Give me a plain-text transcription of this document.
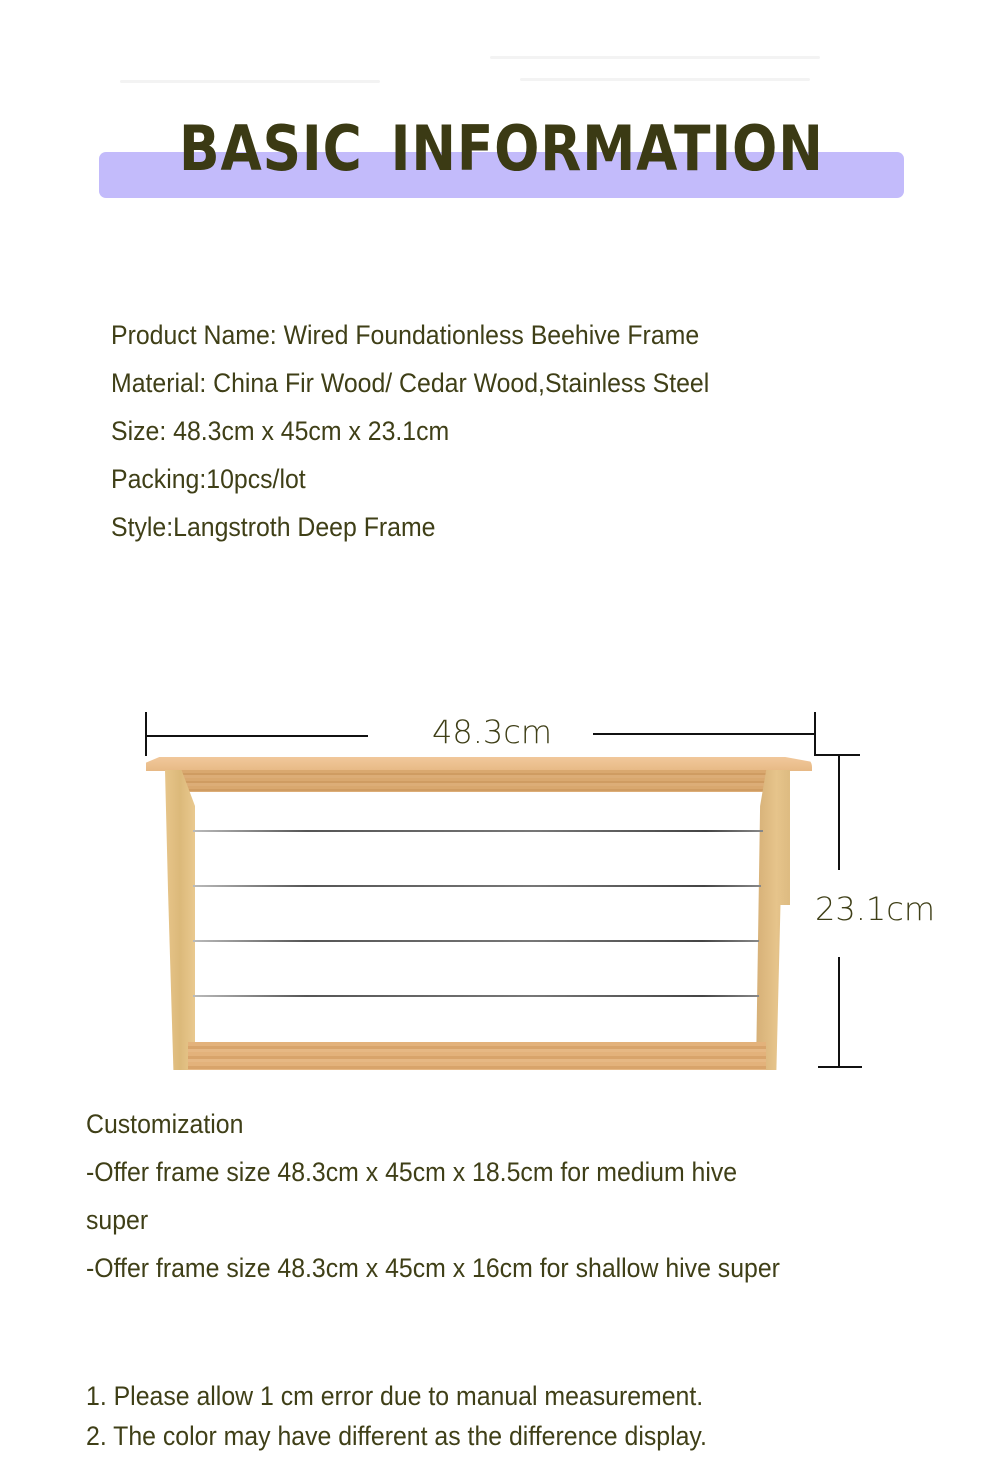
BASIC INFORMATION
Product Name: Wired Foundationless Beehive Frame
Material: China Fir Wood/ Cedar Wood,Stainless Steel
Size: 48.3cm x 45cm x 23.1cm
Packing:10pcs/lot
Style:Langstroth Deep Frame
48.3cm
23.1cm

Customization

-Offer frame size 48.3cm x 45cm x 18.5cm for medium hive

super

-Offer frame size 48.3cm x 45cm x 16cm for shallow hive super

1. Please allow 1 cm error due to manual measurement.

2. The color may have different as the difference display.
